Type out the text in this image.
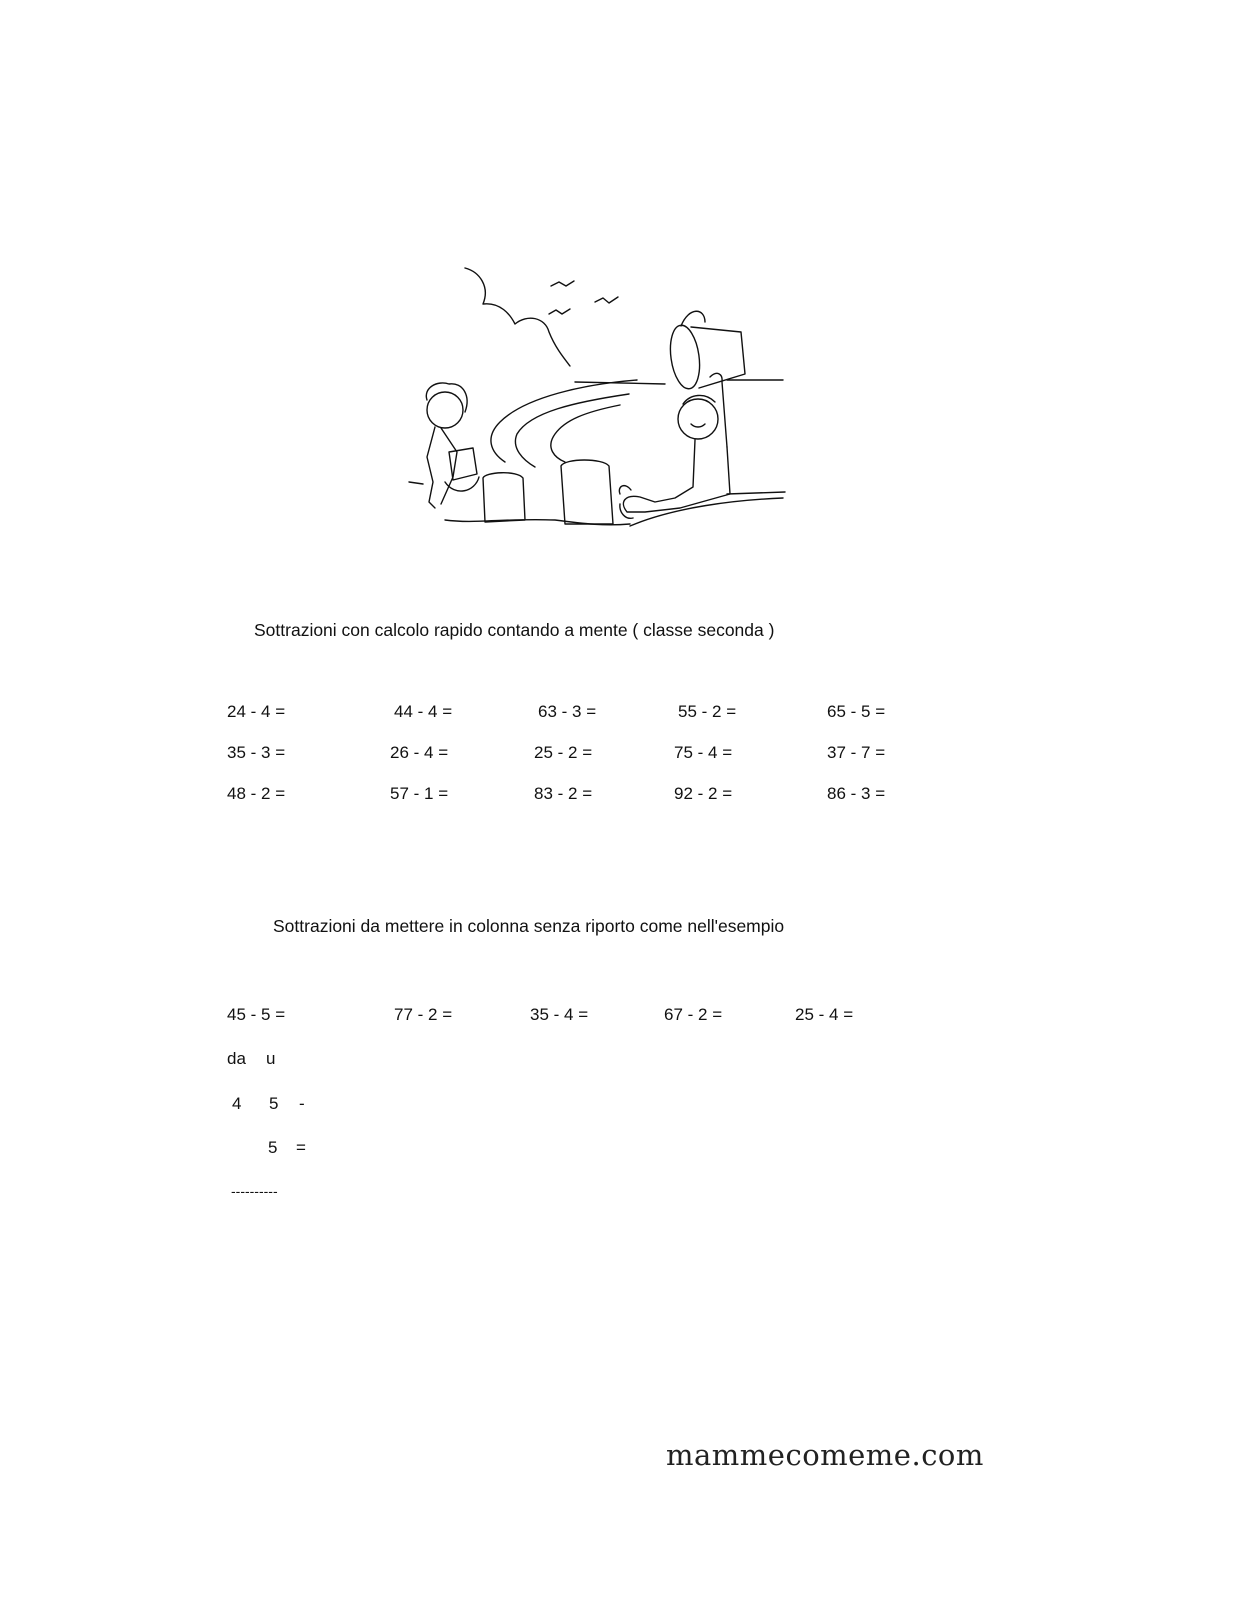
Sottrazioni con calcolo rapido contando a mente ( classe seconda )
24 - 4 =	44 - 4 =	63 - 3 =	55 - 2 =	65 - 5 =
35 - 3 =	26 - 4 =	25 - 2 =	75 - 4 =	37 - 7 =
48 - 2 =	57 - 1 =	83 - 2 =	92 - 2 =	86 - 3 =
Sottrazioni da mettere in colonna senza riporto come nell'esempio
45 - 5 =	77 - 2 =	35 - 4 =	67 - 2 =	25 - 4 =
da u
4 5 -
5 =
----------
mammecomeme.com
